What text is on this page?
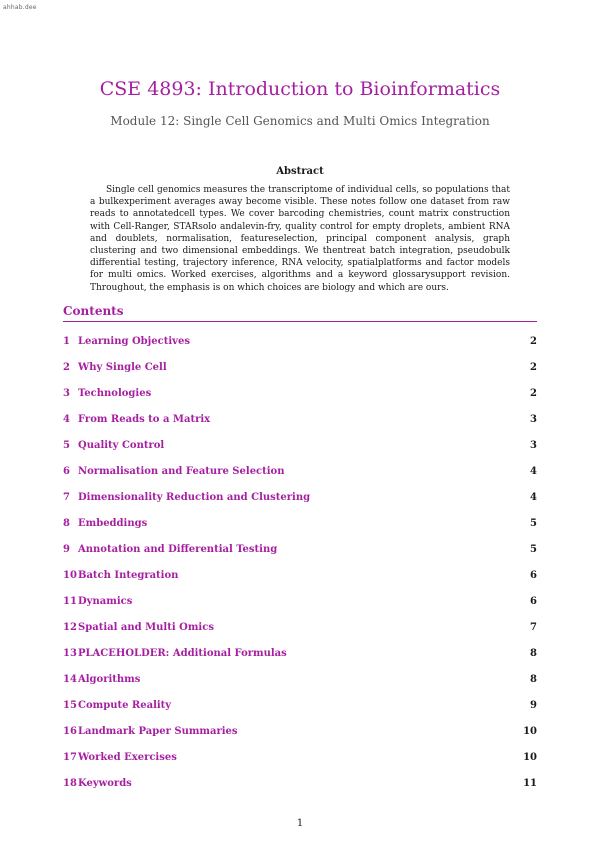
ahhab.dee
CSE 4893: Introduction to Bioinformatics
Module 12: Single Cell Genomics and Multi Omics Integration
Abstract
Single cell genomics measures the transcriptome of individual cells, so populations that a bulkexperiment averages away become visible. These notes follow one dataset from raw reads to annotatedcell types. We cover barcoding chemistries, count matrix construction with Cell-Ranger, STARsolo andalevin-fry, quality control for empty droplets, ambient RNA and doublets, normalisation, featureselection, principal component analysis, graph clustering and two dimensional embeddings. We thentreat batch integration, pseudobulk differential testing, trajectory inference, RNA velocity, spatialplatforms and factor models for multi omics. Worked exercises, algorithms and a keyword glossarysupport revision. Throughout, the emphasis is on which choices are biology and which are ours.
Contents
1 Learning Objectives	2
2 Why Single Cell	2
3 Technologies	2
4 From Reads to a Matrix	3
5 Quality Control	3
6 Normalisation and Feature Selection	4
7 Dimensionality Reduction and Clustering	4
8 Embeddings	5
9 Annotation and Differential Testing	5
10 Batch Integration	6
11 Dynamics	6
12 Spatial and Multi Omics	7
13 PLACEHOLDER: Additional Formulas	8
14 Algorithms	8
15 Compute Reality	9
16 Landmark Paper Summaries	10
17 Worked Exercises	10
18 Keywords	11
1
